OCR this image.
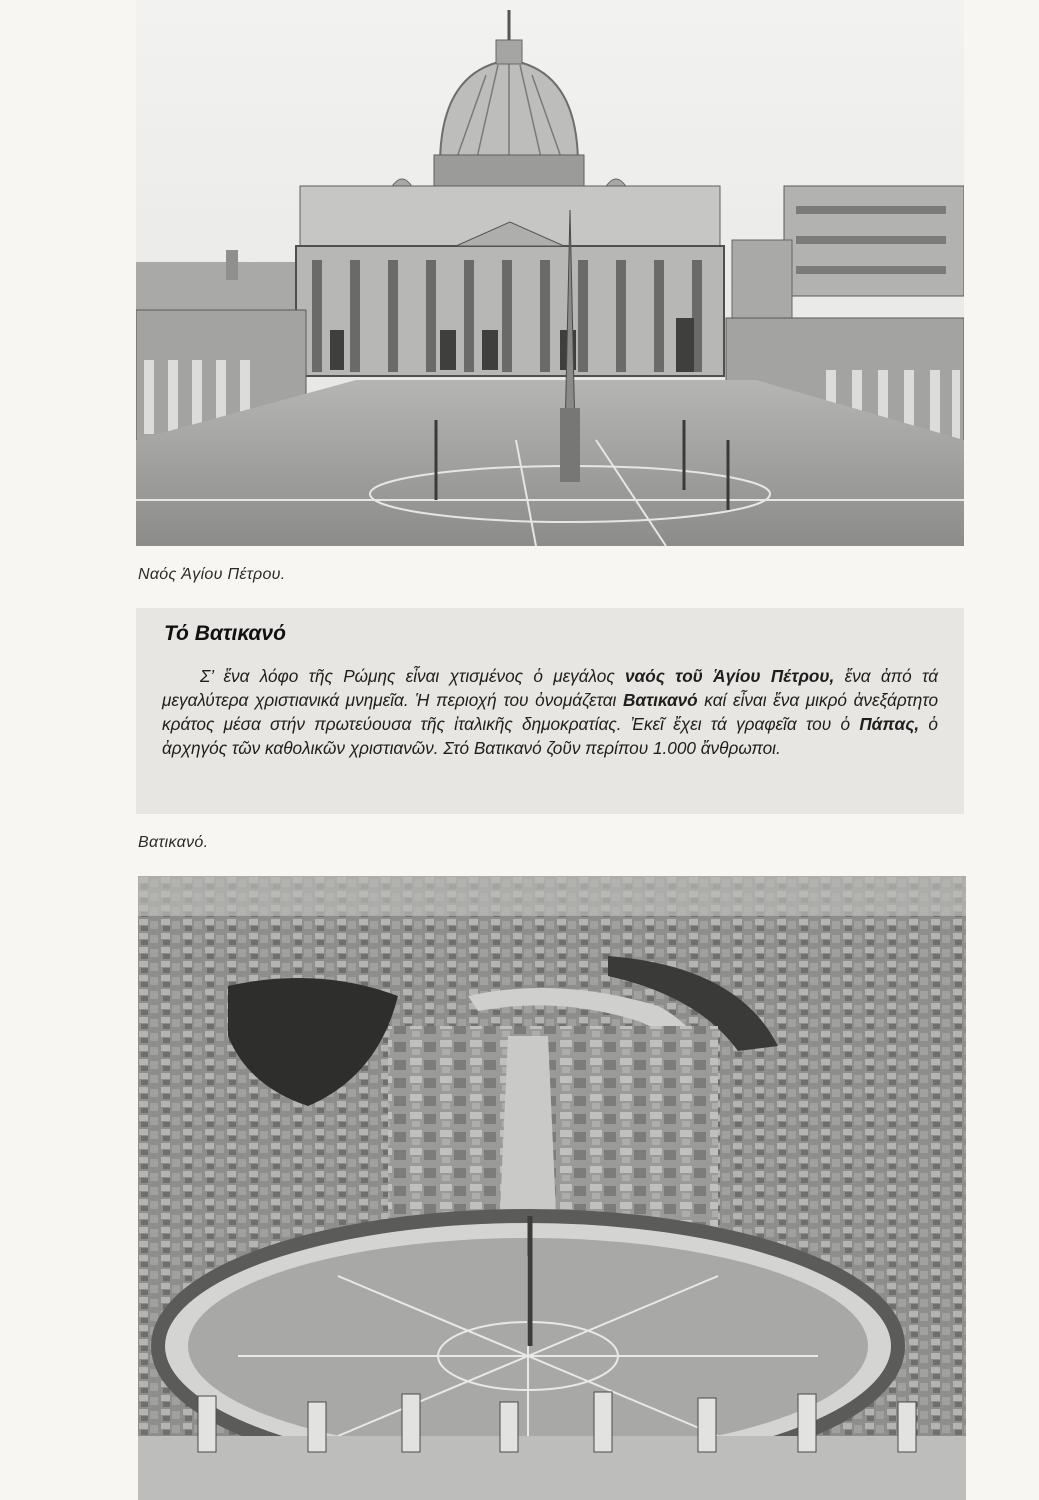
Ναός Ἁγίου Πέτρου.
Τό Βατικανό

Σ’ ἕνα λόφο τῆς Ρώμης εἶναι χτισμένος ὁ μεγάλος ναός τοῦ Ἁγίου Πέτρου, ἕνα ἀπό τά μεγαλύτερα χριστιανικά μνημεῖα. Ἡ περιοχή του ὀνομάζεται Βατικανό καί εἶναι ἕνα μικρό ἀνεξάρτητο κράτος μέσα στήν πρωτεύουσα τῆς ἰταλικῆς δημοκρατίας. Ἐκεῖ ἔχει τά γραφεῖα του ὁ Πάπας, ὁ ἀρχηγός τῶν καθολικῶν χριστιανῶν. Στό Βατικανό ζοῦν περίπου 1.000 ἄνθρωποι.

Βατικανό.
